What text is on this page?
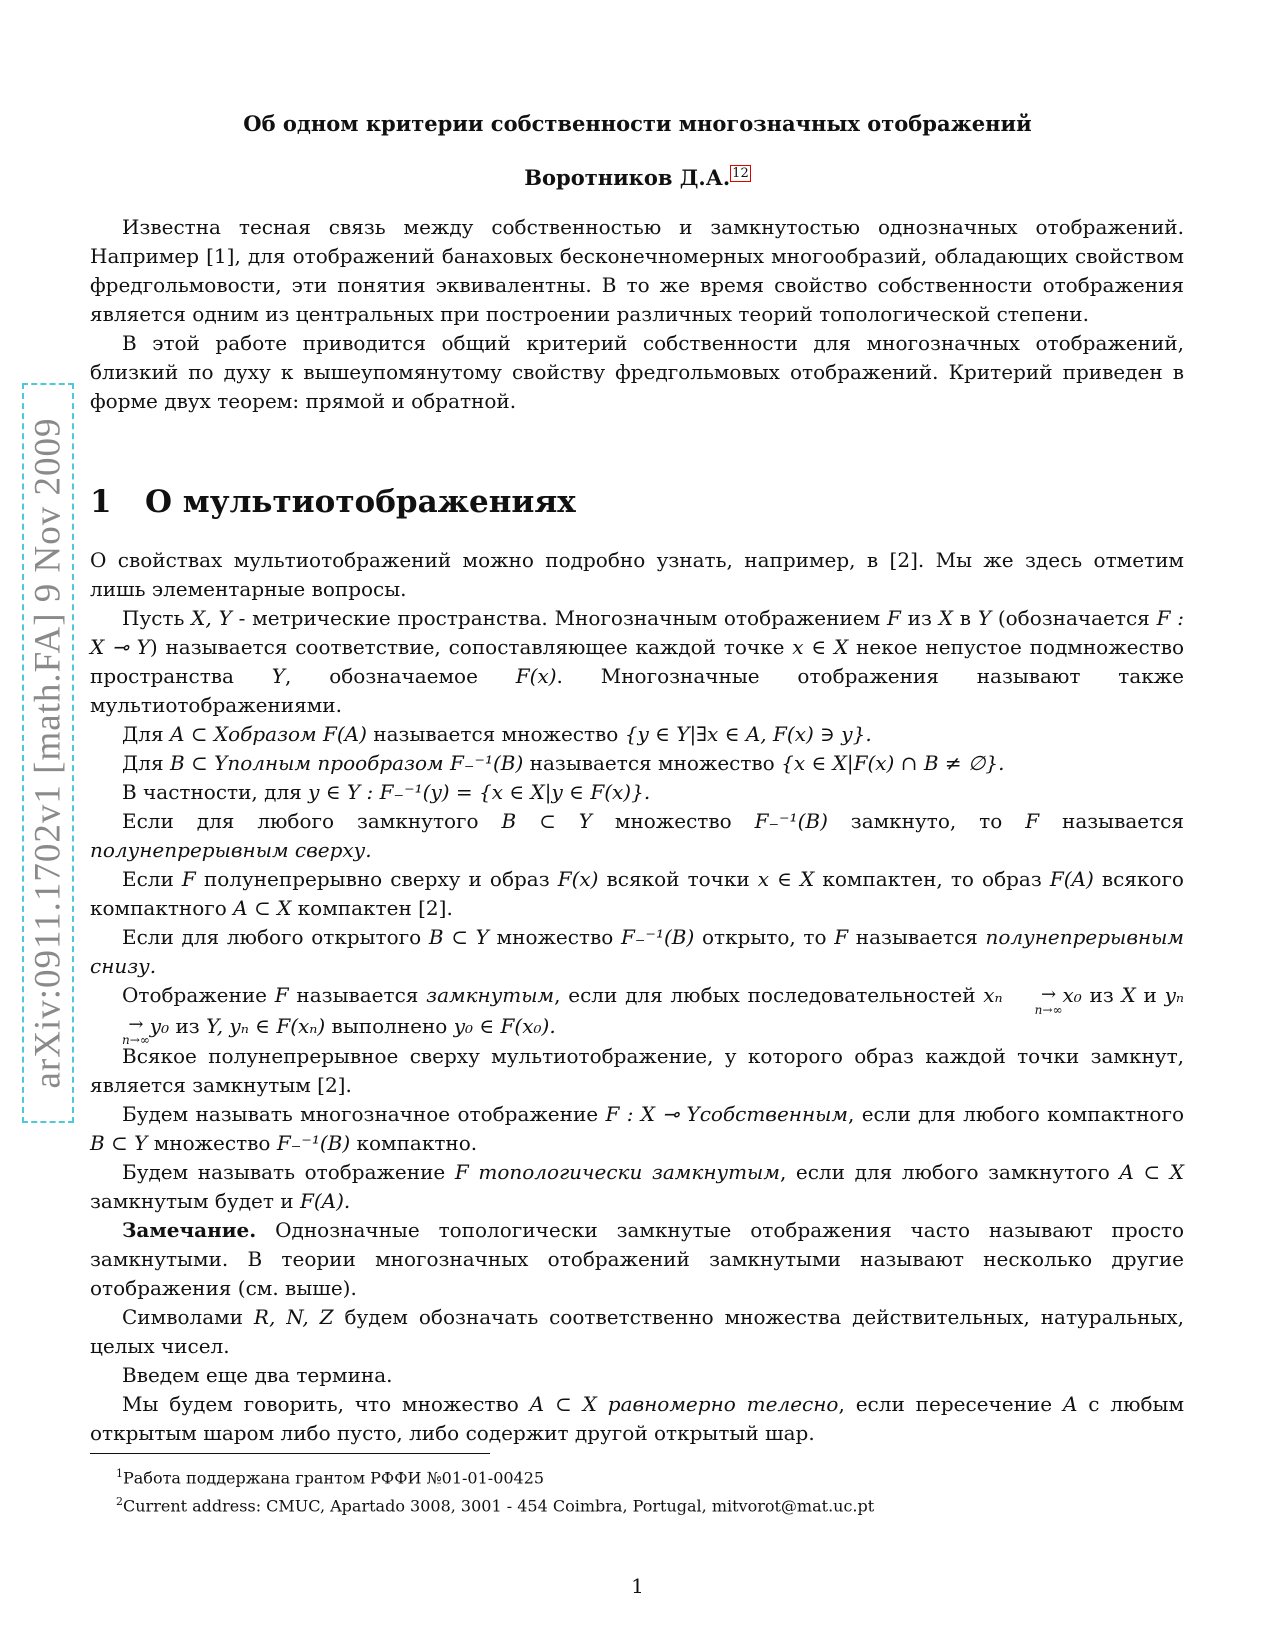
arXiv:0911.1702v1 [math.FA] 9 Nov 2009
Об одном критерии собственности многозначных отображений
Воротников Д.А. $^{12}$

Известна тесная связь между собственностью и замкнутостью однозначных отображений. Например [1], для отображений банаховых бесконечномерных многообразий, обладающих свойством фредгольмовости, эти понятия эквивалентны. В то же время свойство собственности отображения является одним из центральных при построении различных теорий топологической степени.

В этой работе приводится общий критерий собственности для многозначных отображений, близкий по духу к вышеупомянутому свойству фредгольмовых отображений. Критерий приведен в форме двух теорем: прямой и обратной.

1 О мультиотображениях

О свойствах мультиотображений можно подробно узнать, например, в [2]. Мы же здесь отметим лишь элементарные вопросы.

Пусть X, Y - метрические пространства. Многозначным отображением F из X в Y (обозначается F : X ⊸ Y) называется соответствие, сопоставляющее каждой точке x ∈ X некое непустое подмножество пространства Y, обозначаемое F(x). Многозначные отображения называют также мультиотображениями.

Для A ⊂ Xобразом F(A) называется множество {y ∈ Y|∃x ∈ A, F(x) ∋ y}.

Для B ⊂ Yполным прообразом F₋⁻¹(B) называется множество {x ∈ X|F(x) ∩ B ≠ ∅}.

В частности, для y ∈ Y : F₋⁻¹(y) = {x ∈ X|y ∈ F(x)}.

Если для любого замкнутого B ⊂ Y множество F₋⁻¹(B) замкнуто, то F называется полунепрерывным сверху.

Если F полунепрерывно сверху и образ F(x) всякой точки x ∈ X компактен, то образ F(A) всякого компактного A ⊂ X компактен [2].

Если для любого открытого B ⊂ Y множество F₋⁻¹(B) открыто, то F называется полунепрерывным снизу.

Отображение F называется замкнутым, если для любых последовательностей xₙ	→
n→∞
x₀ из X и yₙ
→
n→∞
y₀ из Y, yₙ ∈ F(xₙ) выполнено y₀ ∈ F(x₀).

Всякое полунепрерывное сверху мультиотображение, у которого образ каждой точки замкнут, является замкнутым [2].

Будем называть многозначное отображение F : X ⊸ Yсобственным, если для любого компактного B ⊂ Y множество F₋⁻¹(B) компактно.

Будем называть отображение F топологически замкнутым, если для любого замкнутого A ⊂ X замкнутым будет и F(A).

Замечание. Однозначные топологически замкнутые отображения часто называют просто замкнутыми. В теории многозначных отображений замкнутыми называют несколько другие отображения (см. выше).

Символами R, N, Z будем обозначать соответственно множества действительных, натуральных, целых чисел.

Введем еще два термина.

Мы будем говорить, что множество A ⊂ X равномерно телесно, если пересечение A с любым открытым шаром либо пусто, либо содержит другой открытый шар.

$^1$Работа поддержана грантом РФФИ №01-01-00425
$^2$Current address: CMUC, Apartado 3008, 3001 - 454 Coimbra, Portugal, mitvorot@mat.uc.pt
1
